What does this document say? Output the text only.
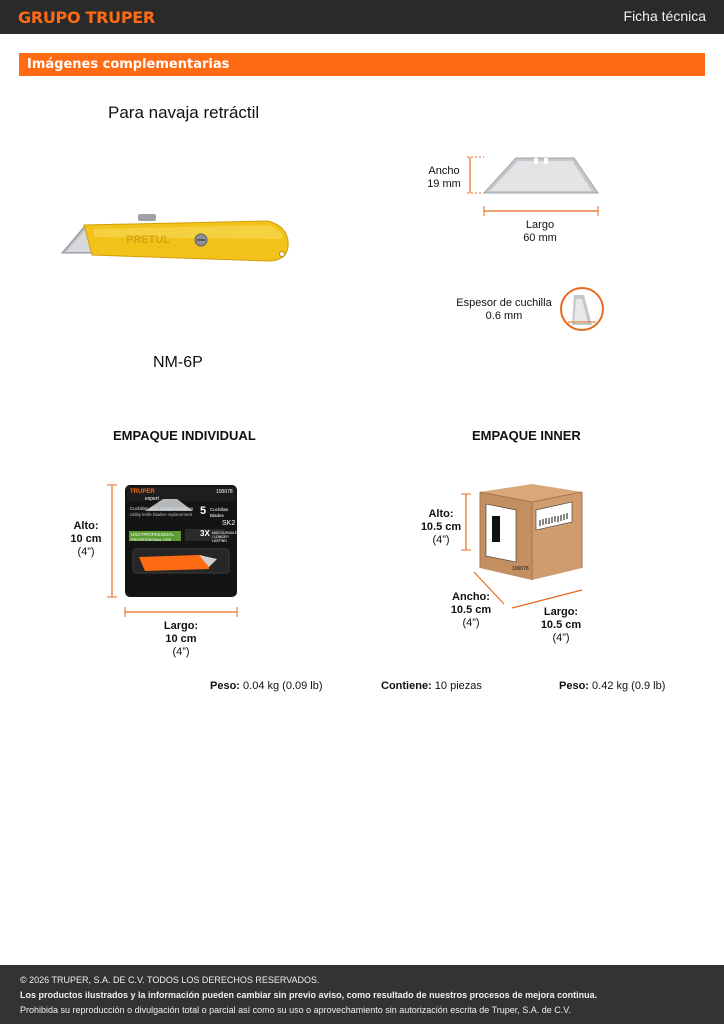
GRUPO TRUPER	Ficha técnica
Imágenes complementarias
Para navaja retráctil
PRETUL
Ancho
19 mm
Largo
60 mm
Espesor de cuchilla
0.6 mm
NM-6P
EMPAQUE INDIVIDUAL
TRUPER
expert
100078
Cuchillas para navaja multiusos
Utility knife blades replacement 5 Cuchillas
Blades
SK2
3X MÁS DURABLE / LONGER LASTING
USO PROFESIONAL
PROFESSIONAL USE
Alto:
10 cm
(4”)
Largo:
10 cm
(4”)
Peso: 0.04 kg (0.09 lb)	Contiene: 10 piezas
EMPAQUE INNER
100078
Alto:
10.5 cm
(4”)
Ancho:
10.5 cm
(4”)
Largo:
10.5 cm
(4”)
Peso: 0.42 kg (0.9 lb)
© 2026 TRUPER, S.A. DE C.V. TODOS LOS DERECHOS RESERVADOS.
Los productos ilustrados y la información pueden cambiar sin previo aviso, como resultado de nuestros procesos de mejora continua.
Prohibida su reproducción o divulgación total o parcial así como su uso o aprovechamiento sin autorización escrita de Truper, S.A. de C.V.
